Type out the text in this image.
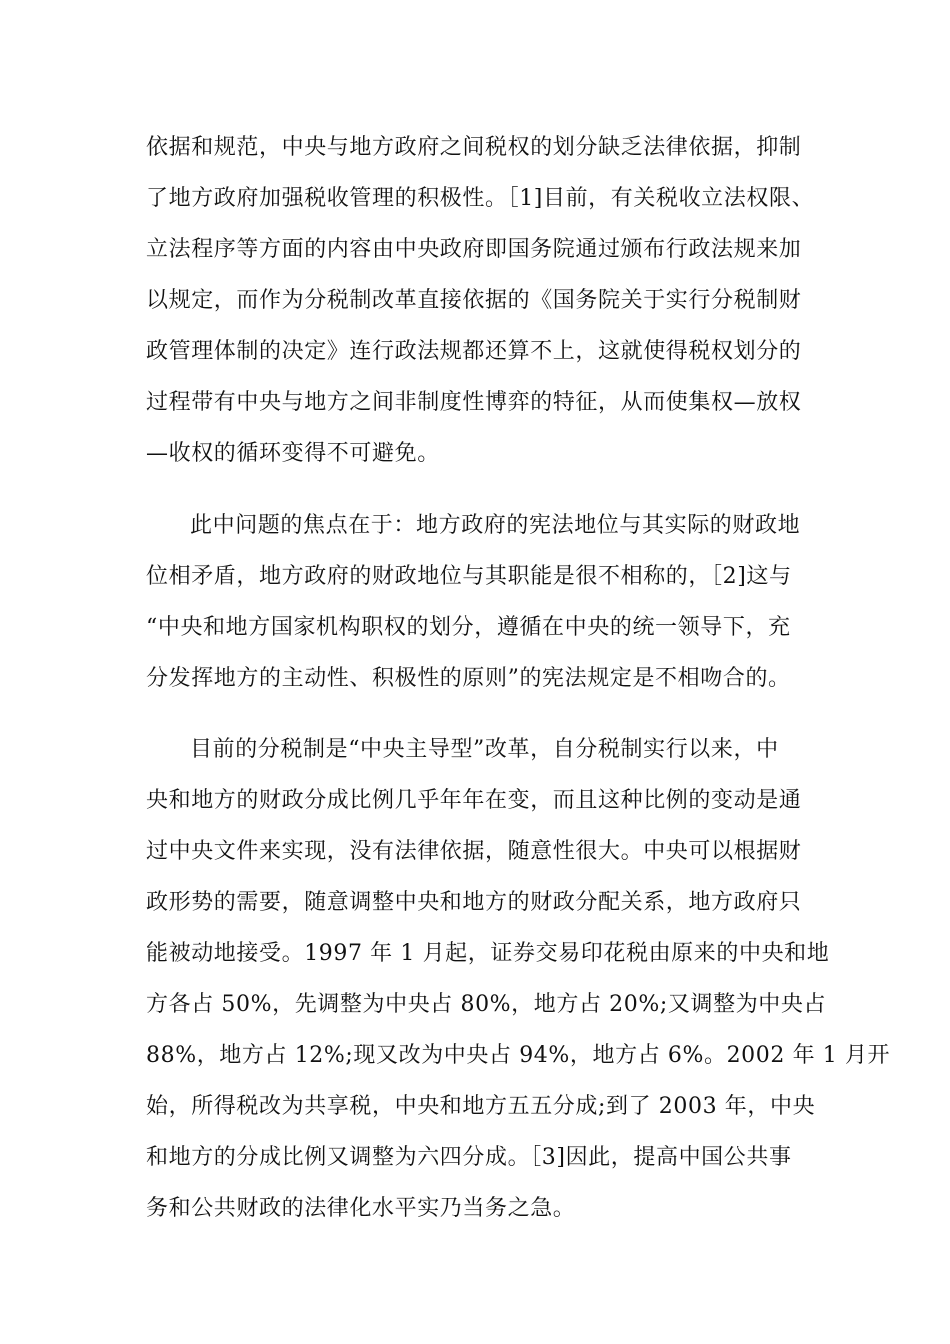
依据和规范，中央与地方政府之间税权的划分缺乏法律依据，抑制
了地方政府加强税收管理的积极性。［1]目前，有关税收立法权限、
立法程序等方面的内容由中央政府即国务院通过颁布行政法规来加
以规定，而作为分税制改革直接依据的《国务院关于实行分税制财
政管理体制的决定》连行政法规都还算不上，这就使得税权划分的
过程带有中央与地方之间非制度性博弈的特征，从而使集权—放权
—收权的循环变得不可避免。
此中问题的焦点在于：地方政府的宪法地位与其实际的财政地
位相矛盾，地方政府的财政地位与其职能是很不相称的，［2]这与
“中央和地方国家机构职权的划分，遵循在中央的统一领导下，充
分发挥地方的主动性、积极性的原则”的宪法规定是不相吻合的。
目前的分税制是“中央主导型”改革，自分税制实行以来，中
央和地方的财政分成比例几乎年年在变，而且这种比例的变动是通
过中央文件来实现，没有法律依据，随意性很大。中央可以根据财
政形势的需要，随意调整中央和地方的财政分配关系，地方政府只
能被动地接受。1997 年 1 月起，证券交易印花税由原来的中央和地
方各占 50%，先调整为中央占 80%，地方占 20%;又调整为中央占
88%，地方占 12%;现又改为中央占 94%，地方占 6%。2002 年 1 月开
始，所得税改为共享税，中央和地方五五分成;到了 2003 年，中央
和地方的分成比例又调整为六四分成。［3]因此，提高中国公共事
务和公共财政的法律化水平实乃当务之急。
